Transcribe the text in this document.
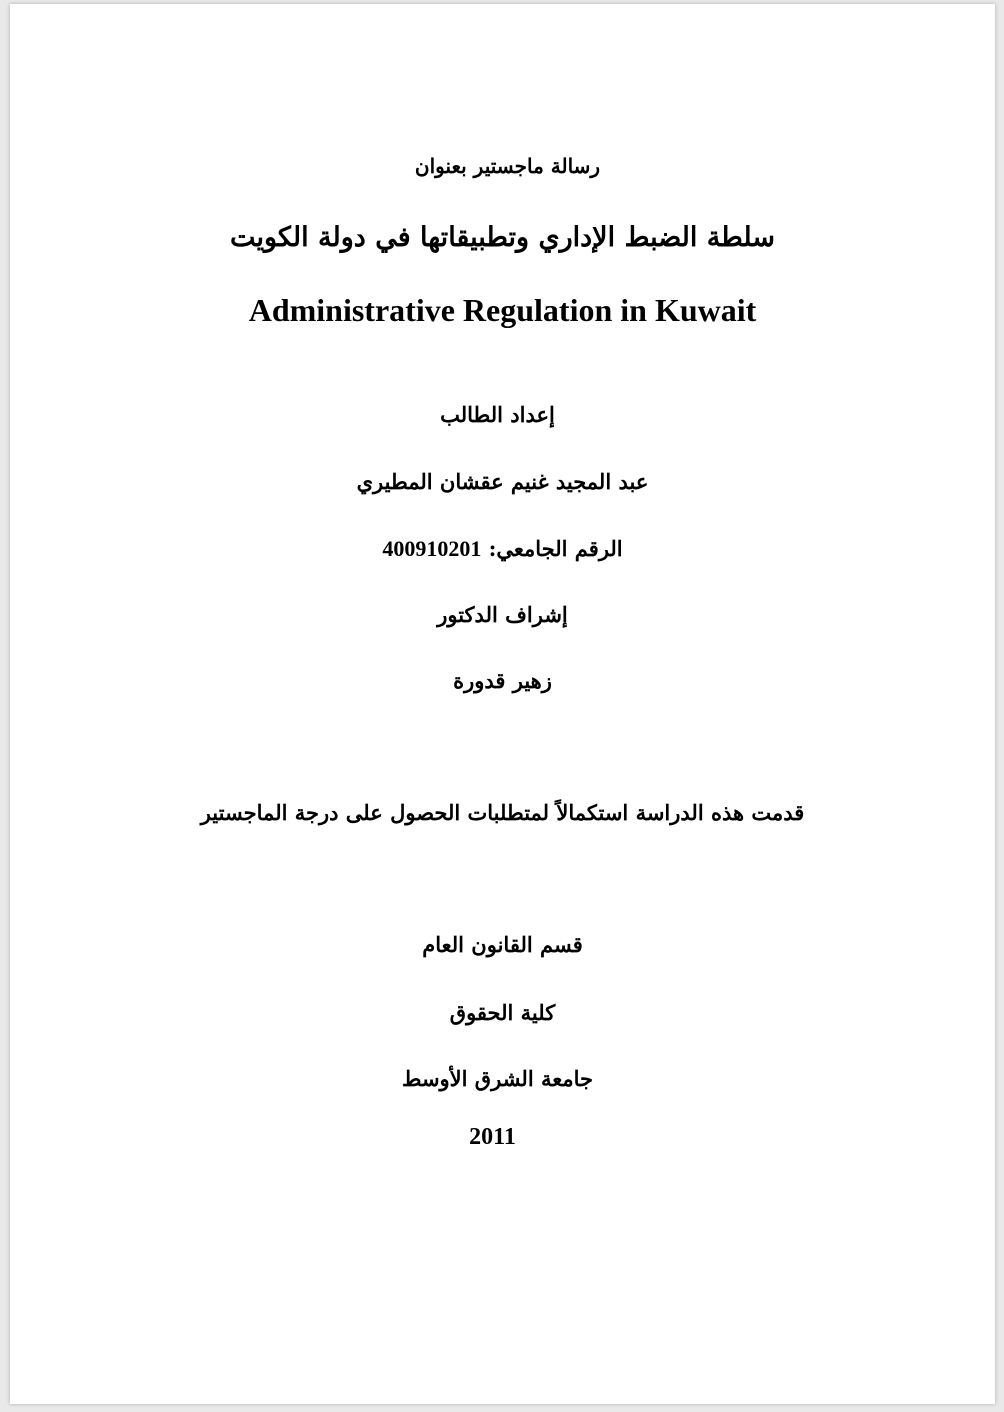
رسالة ماجستير بعنوان
سلطة الضبط الإداري وتطبيقاتها في دولة الكويت
Administrative Regulation in Kuwait
إعداد الطالب
عبد المجيد غنيم عقشان المطيري
الرقم الجامعي: 400910201
إشراف الدكتور
زهير قدورة
قدمت هذه الدراسة استكمالاً لمتطلبات الحصول على درجة الماجستير
قسم القانون العام
كلية الحقوق
جامعة الشرق الأوسط
2011
